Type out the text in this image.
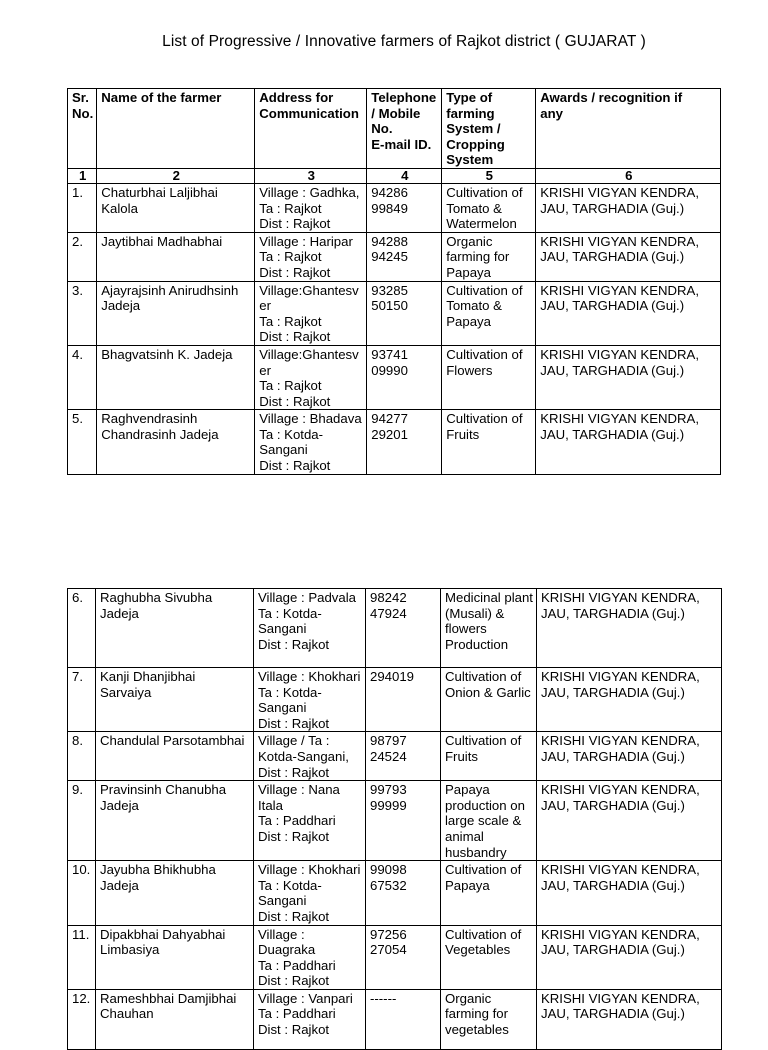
List of Progressive / Innovative farmers of Rajkot district ( GUJARAT )
Sr.
No.	Name of the farmer	Address for
Communication	Telephone
/ Mobile
No.
E-mail ID.	Type of
farming
System /
Cropping
System	Awards / recognition if
any

1	2	3	4	5	6
1.	Chaturbhai Laljibhai
Kalola	Village : Gadhka,
Ta : Rajkot
Dist : Rajkot	94286
99849	Cultivation of
Tomato &
Watermelon	KRISHI VIGYAN KENDRA,
JAU, TARGHADIA (Guj.)

2.	Jaytibhai Madhabhai	Village : Haripar
Ta : Rajkot
Dist : Rajkot	94288
94245	Organic
farming for
Papaya	KRISHI VIGYAN KENDRA,
JAU, TARGHADIA (Guj.)

3.	Ajayrajsinh Anirudhsinh
Jadeja	Village:Ghantesv
er
Ta : Rajkot
Dist : Rajkot	93285
50150	Cultivation of
Tomato &
Papaya	KRISHI VIGYAN KENDRA,
JAU, TARGHADIA (Guj.)

4.	Bhagvatsinh K. Jadeja	Village:Ghantesv
er
Ta : Rajkot
Dist : Rajkot	93741
09990	Cultivation of
Flowers	KRISHI VIGYAN KENDRA,
JAU, TARGHADIA (Guj.)

5.	Raghvendrasinh
Chandrasinh Jadeja	Village : Bhadava
Ta : Kotda-
Sangani
Dist : Rajkot	94277
29201	Cultivation of
Fruits	KRISHI VIGYAN KENDRA,
JAU, TARGHADIA (Guj.)
6.	Raghubha Sivubha
Jadeja	Village : Padvala
Ta : Kotda-
Sangani
Dist : Rajkot	98242
47924	Medicinal plant
(Musali) &
flowers
Production	KRISHI VIGYAN KENDRA,
JAU, TARGHADIA (Guj.)

7.	Kanji Dhanjibhai
Sarvaiya	Village : Khokhari
Ta : Kotda-
Sangani
Dist : Rajkot	294019	Cultivation of
Onion & Garlic	KRISHI VIGYAN KENDRA,
JAU, TARGHADIA (Guj.)

8.	Chandulal Parsotambhai	Village / Ta :
Kotda-Sangani,
Dist : Rajkot	98797
24524	Cultivation of
Fruits	KRISHI VIGYAN KENDRA,
JAU, TARGHADIA (Guj.)

9.	Pravinsinh Chanubha
Jadeja	Village : Nana
Itala
Ta : Paddhari
Dist : Rajkot	99793
99999	Papaya
production on
large scale &
animal
husbandry	KRISHI VIGYAN KENDRA,
JAU, TARGHADIA (Guj.)

10.	Jayubha Bhikhubha
Jadeja	Village : Khokhari
Ta : Kotda-
Sangani
Dist : Rajkot	99098
67532	Cultivation of
Papaya	KRISHI VIGYAN KENDRA,
JAU, TARGHADIA (Guj.)

11.	Dipakbhai Dahyabhai
Limbasiya	Village :
Duagraka
Ta : Paddhari
Dist : Rajkot	97256
27054	Cultivation of
Vegetables	KRISHI VIGYAN KENDRA,
JAU, TARGHADIA (Guj.)

12.	Rameshbhai Damjibhai
Chauhan	Village : Vanpari
Ta : Paddhari
Dist : Rajkot	------	Organic
farming for
vegetables	KRISHI VIGYAN KENDRA,
JAU, TARGHADIA (Guj.)
